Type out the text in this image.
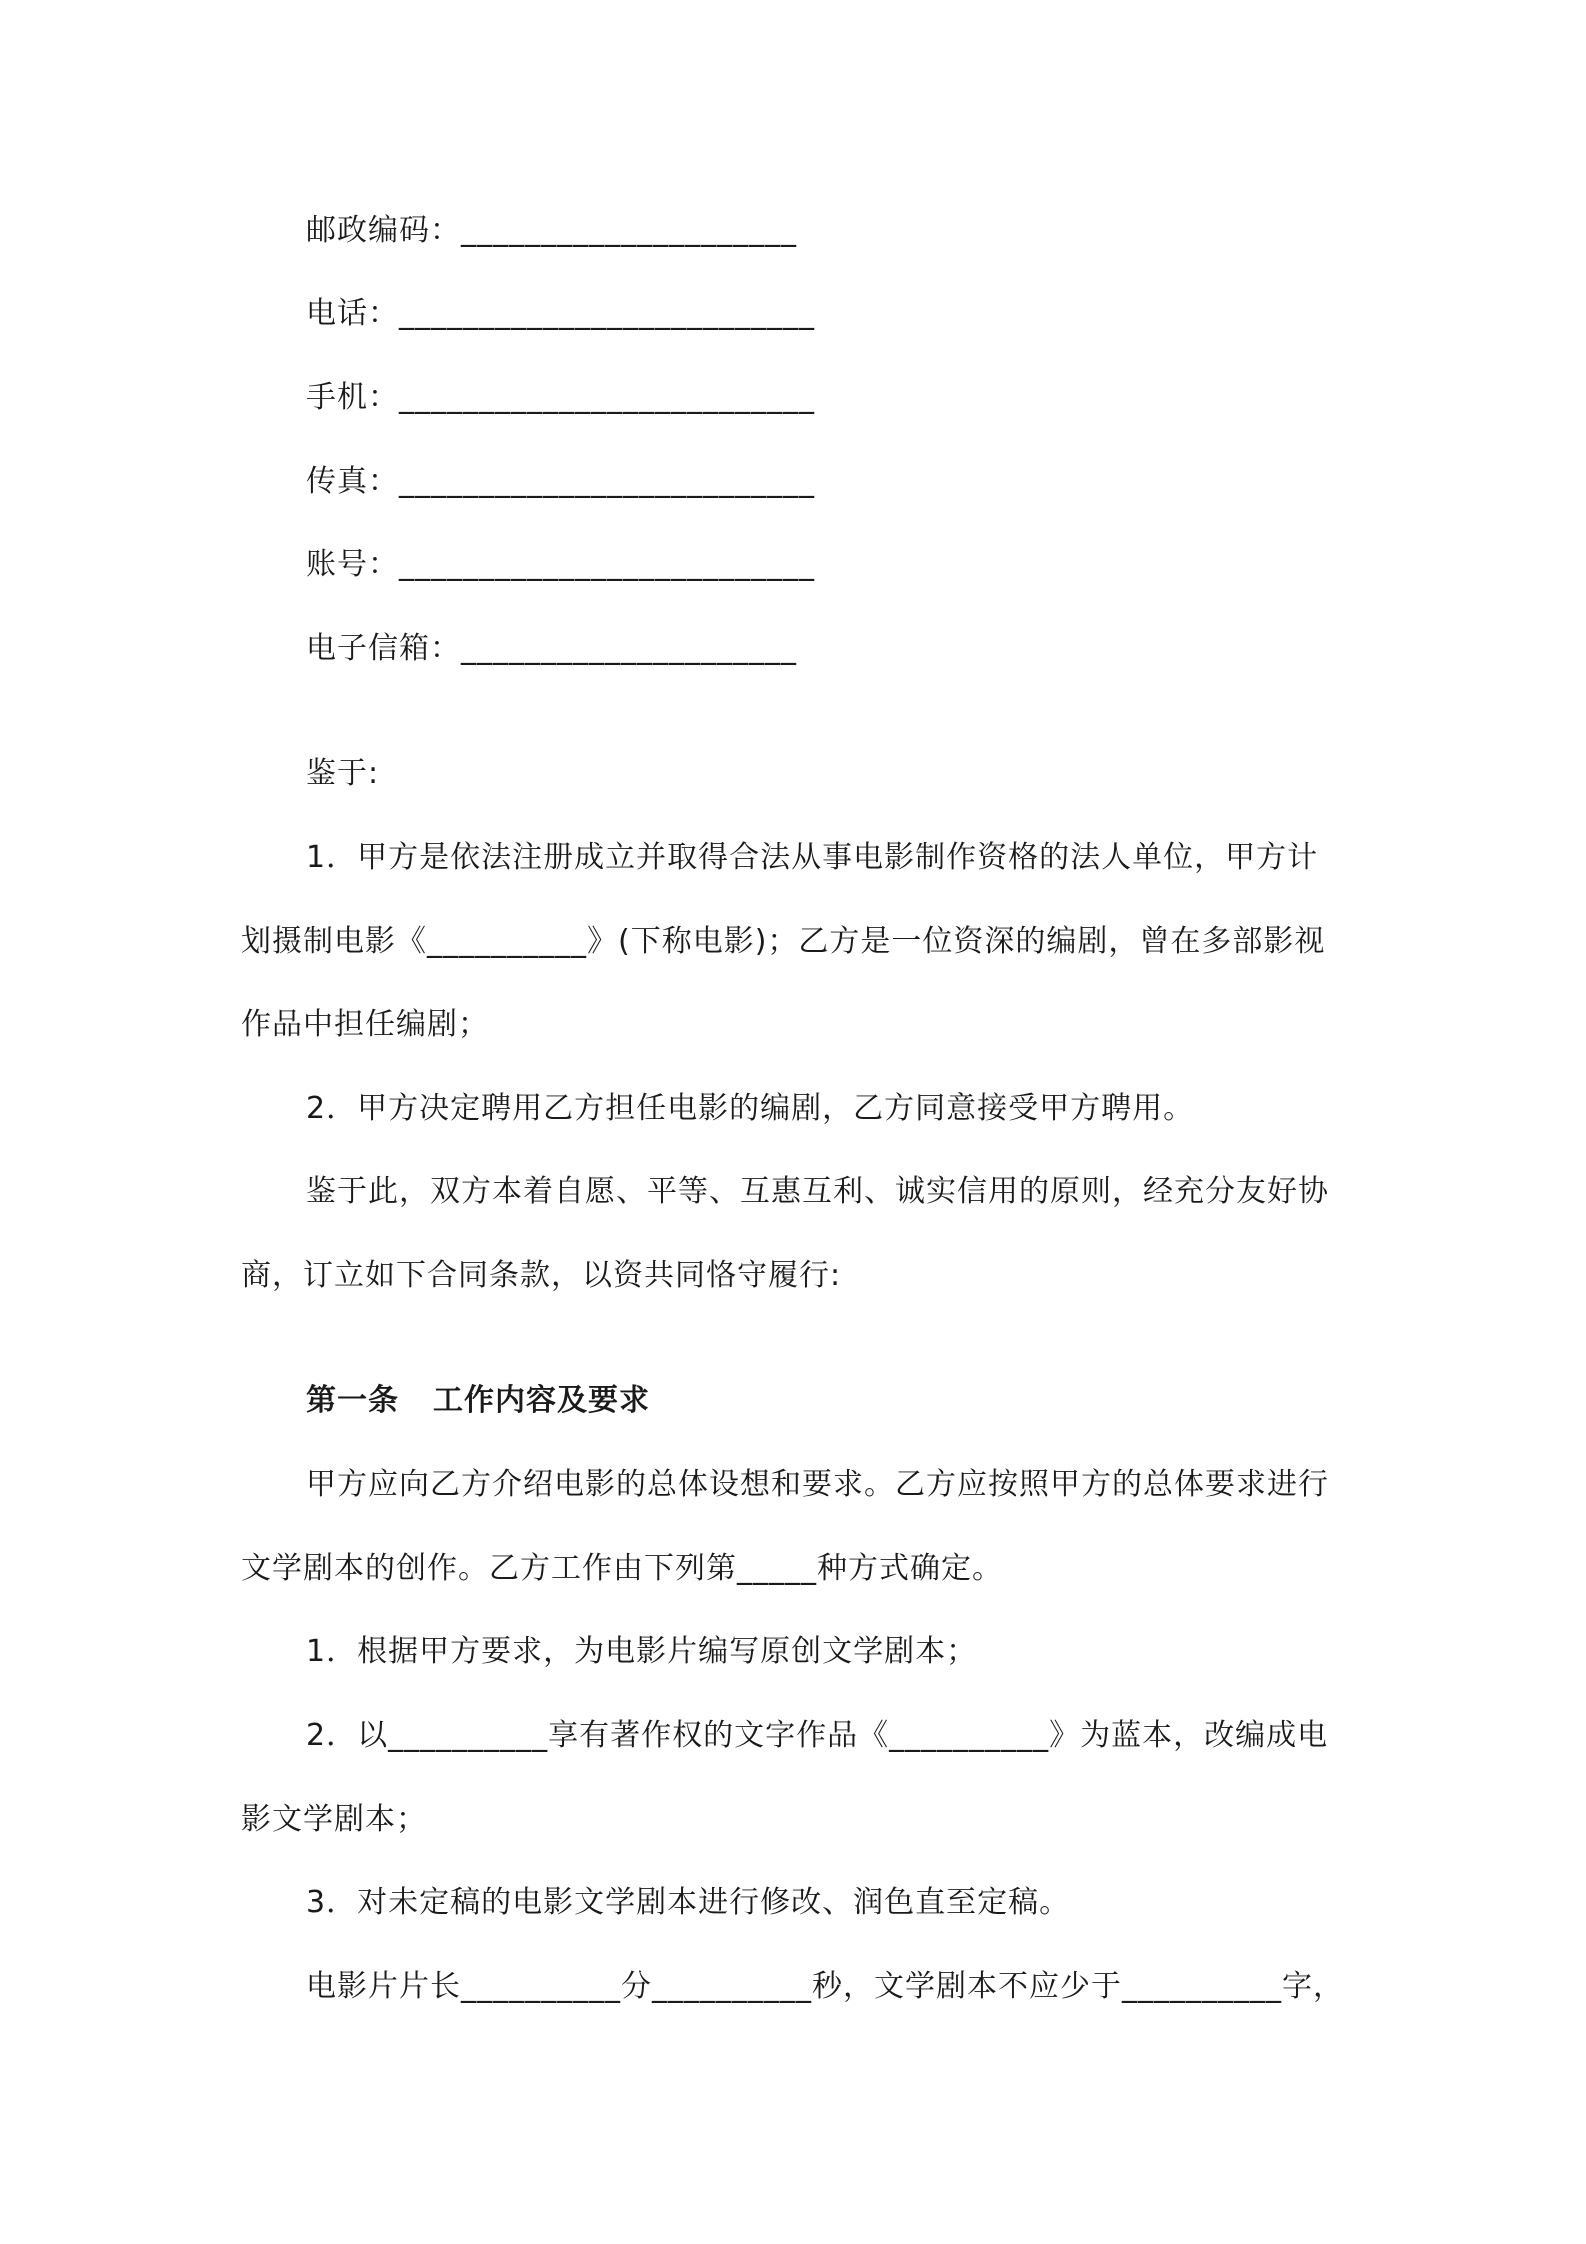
邮政编码：_____________________
电话：__________________________
手机：__________________________
传真：__________________________
账号：__________________________
电子信箱：_____________________
鉴于:
1．甲方是依法注册成立并取得合法从事电影制作资格的法人单位，甲方计
划摄制电影《__________》(下称电影)；乙方是一位资深的编剧，曾在多部影视
作品中担任编剧；
2．甲方决定聘用乙方担任电影的编剧，乙方同意接受甲方聘用。
鉴于此，双方本着自愿、平等、互惠互利、诚实信用的原则，经充分友好协
商，订立如下合同条款，以资共同恪守履行:
第一条 工作内容及要求
甲方应向乙方介绍电影的总体设想和要求。乙方应按照甲方的总体要求进行
文学剧本的创作。乙方工作由下列第_____种方式确定。
1．根据甲方要求，为电影片编写原创文学剧本；
2．以__________享有著作权的文字作品《__________》为蓝本，改编成电
影文学剧本；
3．对未定稿的电影文学剧本进行修改、润色直至定稿。
电影片片长__________分__________秒，文学剧本不应少于__________字，
